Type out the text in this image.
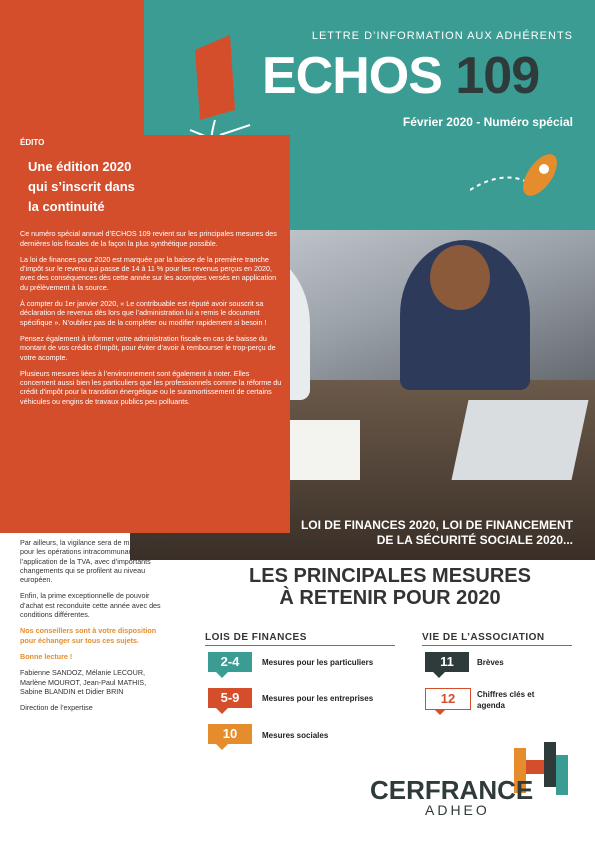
LETTRE D’INFORMATION AUX ADHÉRENTS
ECHOS 109
Février 2020 - Numéro spécial
ÉDITO
Une édition 2020
qui s’inscrit dans
la continuité

Ce numéro spécial annuel d’ECHOS 109 revient sur les principales mesures des dernières lois fiscales de la façon la plus synthétique possible.

La loi de finances pour 2020 est marquée par la baisse de la première tranche d’impôt sur le revenu qui passe de 14 à 11 % pour les revenus perçus en 2020, avec des conséquences dès cette année sur les acomptes versés en application du prélèvement à la source.

À compter du 1er janvier 2020, « Le contribuable est réputé avoir souscrit sa déclaration de revenus dès lors que l’administration lui a remis le document spécifique ». N’oubliez pas de la compléter ou modifier rapidement si besoin !

Pensez également à informer votre administration fiscale en cas de baisse du montant de vos crédits d’impôt, pour éviter d’avoir à rembourser le trop-perçu de votre acompte.

Plusieurs mesures liées à l’environnement sont également à noter. Elles concernent aussi bien les particuliers que les professionnels comme la réforme du crédit d’impôt pour la transition énergétique ou le suramortissement de certains véhicules ou engins de travaux publics peu polluants.

Par ailleurs, la vigilance sera de mise à l’avenir pour les opérations intracommunautaires et l’application de la TVA, avec d’importants changements qui se profilent au niveau européen.

Enfin, la prime exceptionnelle de pouvoir d’achat est reconduite cette année avec des conditions différentes.

Nos conseillers sont à votre disposition pour échanger sur tous ces sujets.

Bonne lecture !

Fabienne SANDOZ, Mélanie LECOUR, Marlène MOUROT, Jean-Paul MATHIS, Sabine BLANDIN et Didier BRIN

Direction de l’expertise

LOI DE FINANCES 2020, LOI DE FINANCEMENT
DE LA SÉCURITÉ SOCIALE 2020...
LES PRINCIPALES MESURES
À RETENIR POUR 2020
LOIS DE FINANCES	VIE DE L’ASSOCIATION
2-4	Mesures pour les particuliers
5-9	Mesures pour les entreprises
10	Mesures sociales
11	Brèves
12	Chiffres clés et agenda
CERFRANCE
ADHEO
